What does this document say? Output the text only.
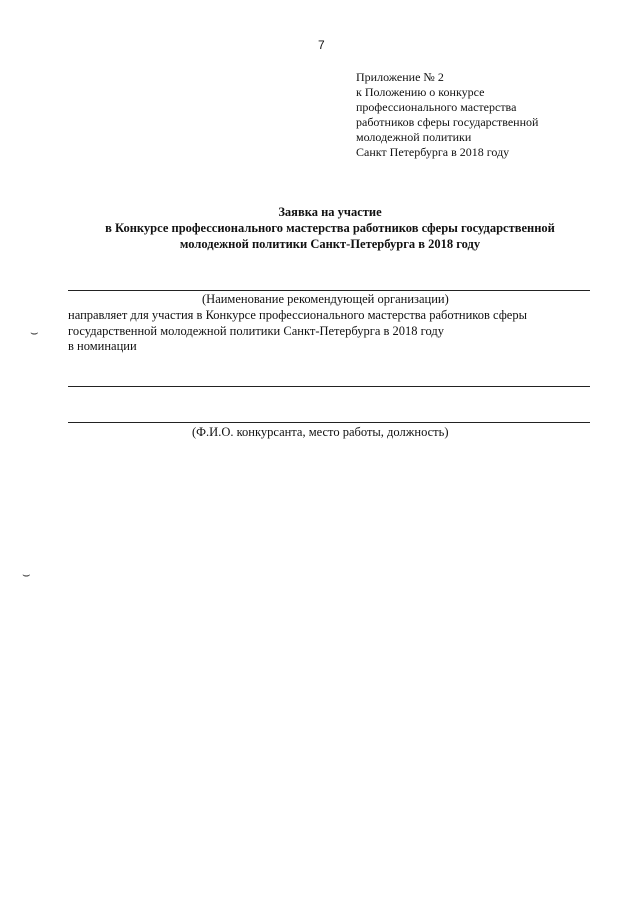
7
Приложение № 2
к Положению о конкурсе
профессионального мастерства
работников сферы государственной
молодежной политики
Санкт Петербурга в 2018 году
Заявка на участие
в Конкурсе профессионального мастерства работников сферы государственной
молодежной политики Санкт-Петербурга в 2018 году
(Наименование рекомендующей организации)
⌣
направляет для участия в Конкурсе профессионального мастерства работников сферы
государственной молодежной политики Санкт-Петербурга в 2018 году
в номинации
(Ф.И.О. конкурсанта, место работы, должность)
⌣
